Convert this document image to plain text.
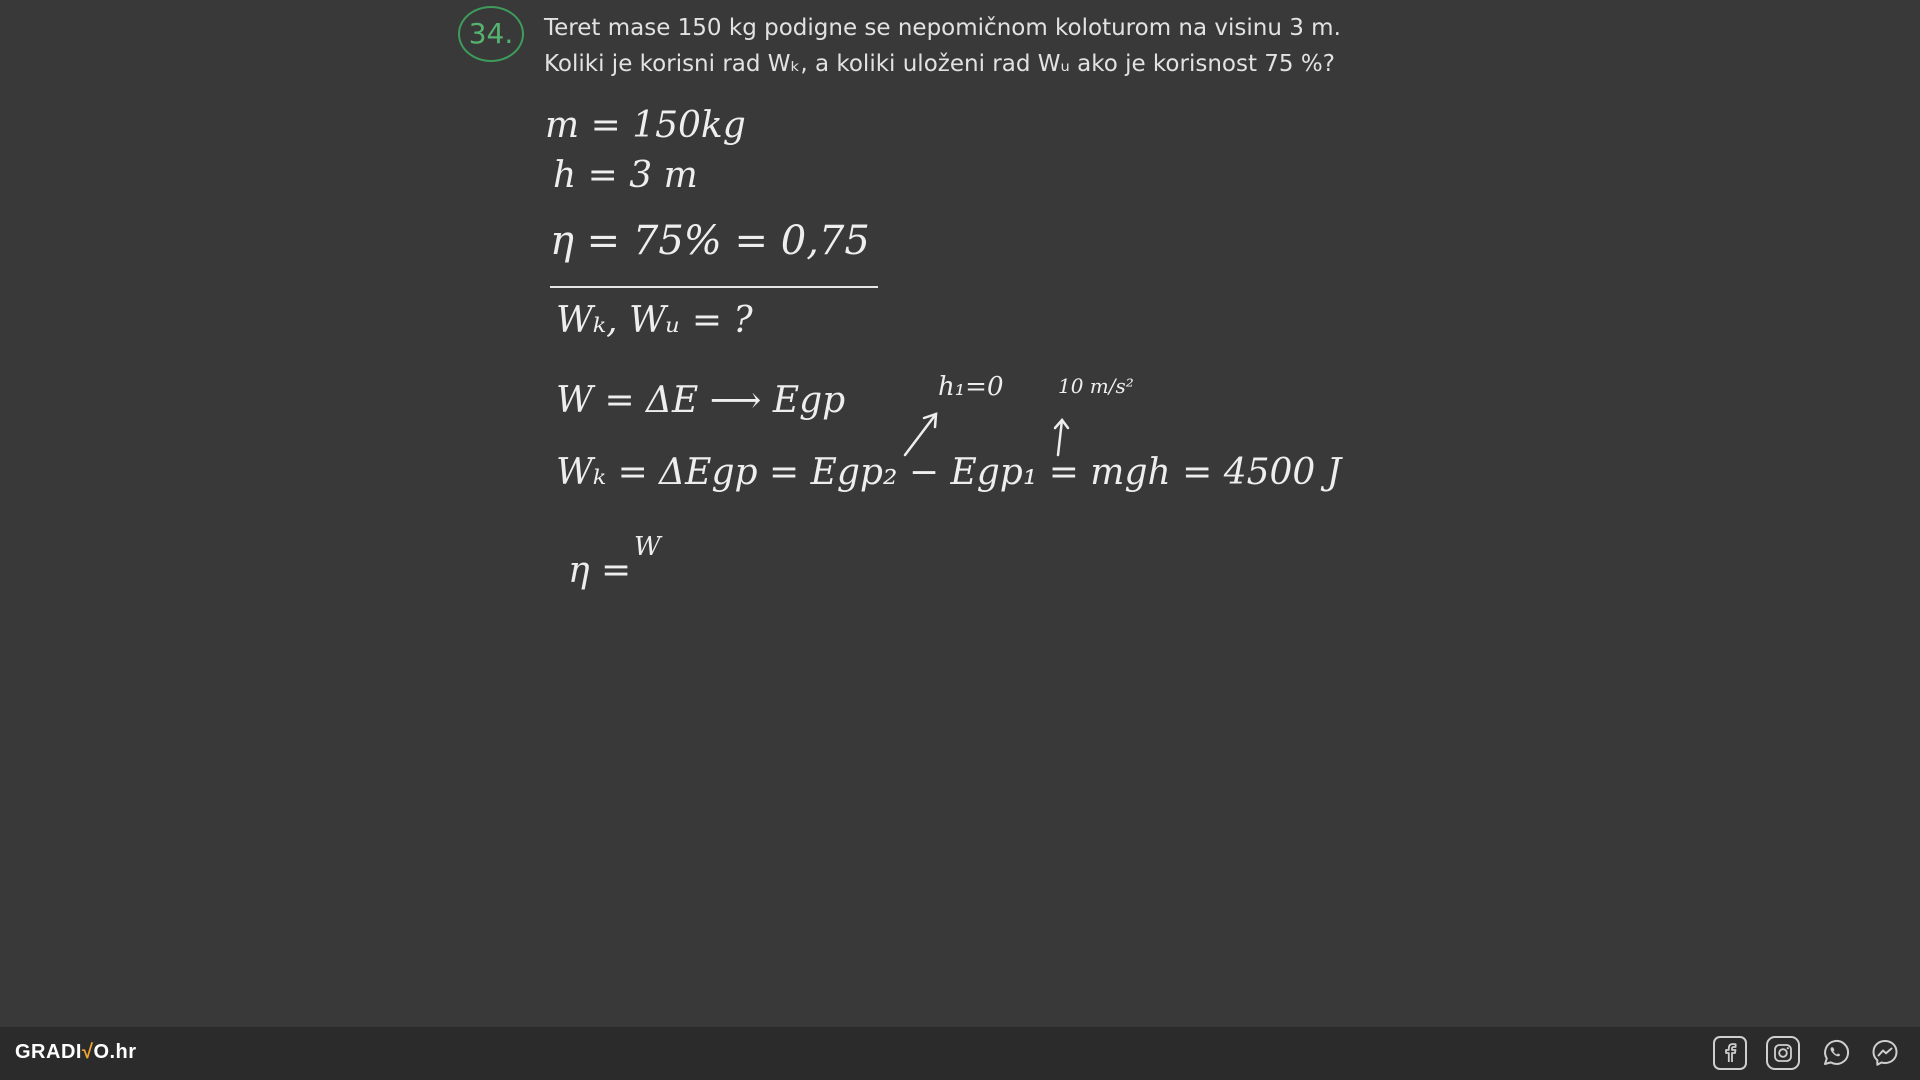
34.	Teret mase 150 kg podigne se nepomičnom koloturom na visinu 3 m.
Koliki je korisni rad Wₖ, a koliki uloženi rad Wᵤ ako je korisnost 75 %?
m = 150kg
h = 3 m
η = 75% = 0,75
Wₖ, Wᵤ = ?
W = ΔE ⟶ Egp	h₁=0	10 m/s²
Wₖ = ΔEgp = Egp₂ − Egp₁ = mgh = 4500 J
η =
W
GRADI√O.hr
